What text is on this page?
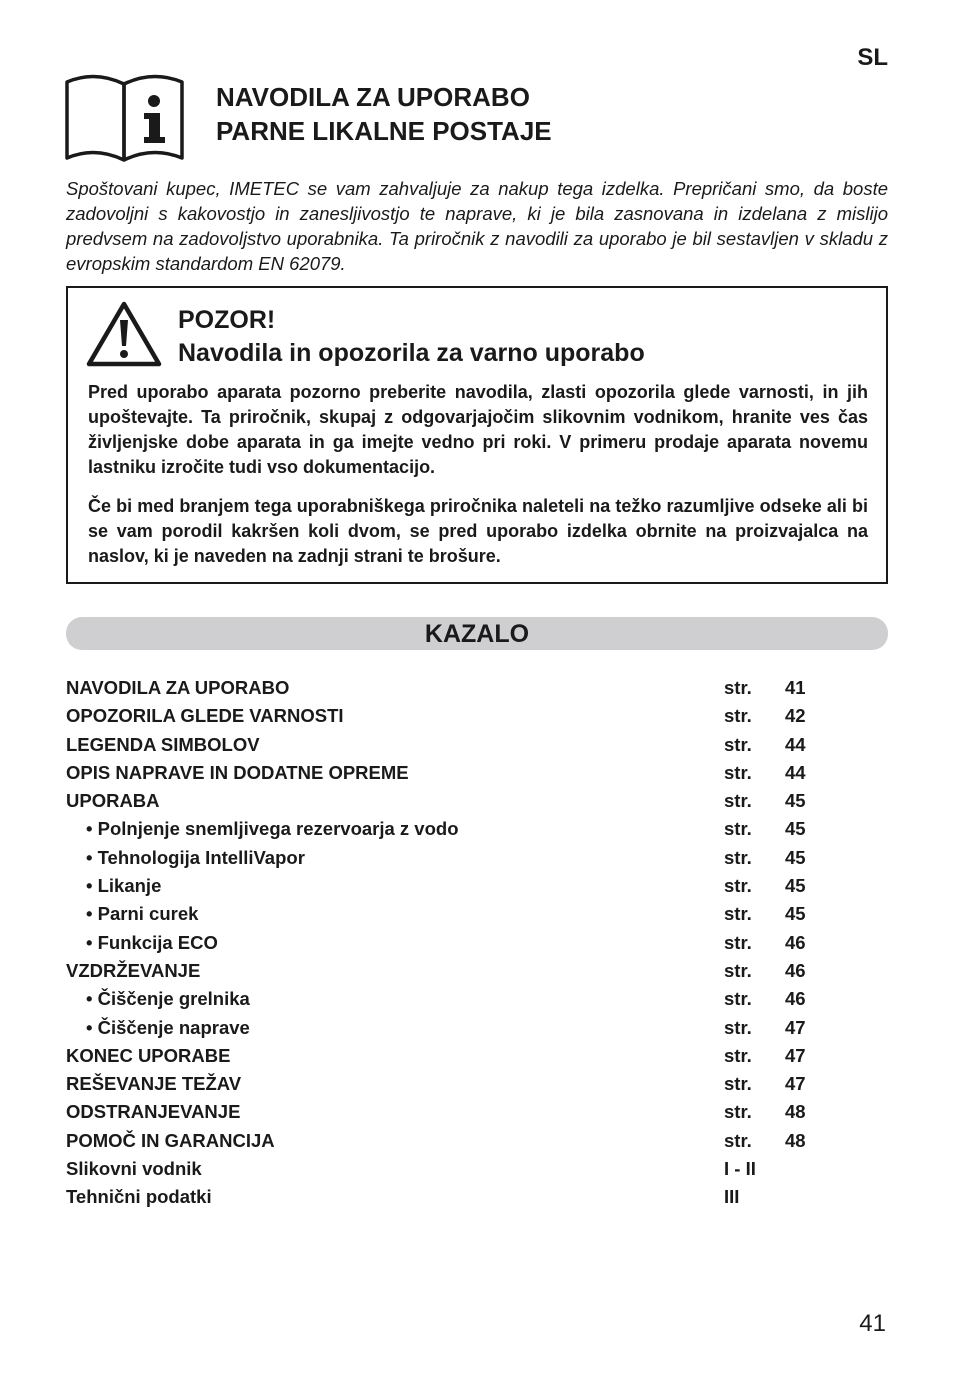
SL
NAVODILA ZA UPORABO
PARNE LIKALNE POSTAJE
Spoštovani kupec, IMETEC se vam zahvaljuje za nakup tega izdelka. Prepričani smo, da boste zadovoljni s kakovostjo in zanesljivostjo te naprave, ki je bila zasnovana in izdelana z mislijo predvsem na zadovoljstvo uporabnika. Ta priročnik z navodili za uporabo je bil sestavljen v skladu z evropskim standardom EN 62079.
POZOR!
Navodila in opozorila za varno uporabo

Pred uporabo aparata pozorno preberite navodila, zlasti opozorila glede varnosti, in jih upoštevajte. Ta priročnik, skupaj z odgovarjajočim slikovnim vodnikom, hranite ves čas življenjske dobe aparata in ga imejte vedno pri roki. V primeru prodaje aparata novemu lastniku izročite tudi vso dokumentacijo.

Če bi med branjem tega uporabniškega priročnika naleteli na težko razumljive odseke ali bi se vam porodil kakršen koli dvom, se pred uporabo izdelka obrnite na proizvajalca na naslov, ki je naveden na zadnji strani te brošure.

KAZALO
NAVODILA ZA UPORABO	str. 41
OPOZORILA GLEDE VARNOSTI	str. 42
LEGENDA SIMBOLOV	str. 44
OPIS NAPRAVE IN DODATNE OPREME	str. 44
UPORABA	str. 45
• Polnjenje snemljivega rezervoarja z vodo	str. 45
• Tehnologija IntelliVapor	str. 45
• Likanje	str. 45
• Parni curek	str. 45
• Funkcija ECO	str. 46
VZDRŽEVANJE	str. 46
• Čiščenje grelnika	str. 46
• Čiščenje naprave	str. 47
KONEC UPORABE	str. 47
REŠEVANJE TEŽAV	str. 47
ODSTRANJEVANJE	str. 48
POMOČ IN GARANCIJA	str. 48
Slikovni vodnik	I - II
Tehnični podatki	III
41
